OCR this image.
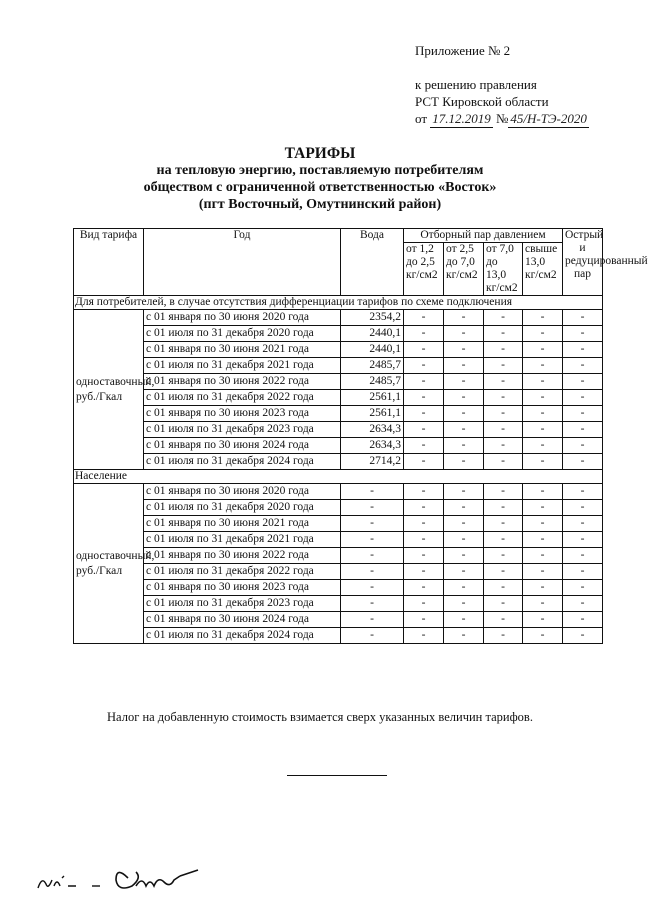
Приложение № 2
к решению правления
РСТ Кировской области
от 17.12.2019 № 45/Н-ТЭ-2020
ТАРИФЫ
на тепловую энергию, поставляемую потребителям
обществом с ограниченной ответственностью «Восток»
(пгт Восточный, Омутнинский район)
Вид тарифа	Год	Вода	Отборный пар давлением				Острый и редуцированный пар
			от 1,2 до 2,5 кг/см2	от 2,5 до 7,0 кг/см2	от 7,0 до 13,0 кг/см2	свыше 13,0 кг/см2	
Для потребителей, в случае отсутствия дифференциации тарифов по схеме подключения							
одноставочный, руб./Гкал	с 01 января по 30 июня 2020 года	2354,2	-	-	-	-	-
	с 01 июля по 31 декабря 2020 года	2440,1	-	-	-	-	-
	с 01 января по 30 июня 2021 года	2440,1	-	-	-	-	-
	с 01 июля по 31 декабря 2021 года	2485,7	-	-	-	-	-
	с 01 января по 30 июня 2022 года	2485,7	-	-	-	-	-
	с 01 июля по 31 декабря 2022 года	2561,1	-	-	-	-	-
	с 01 января по 30 июня 2023 года	2561,1	-	-	-	-	-
	с 01 июля по 31 декабря 2023 года	2634,3	-	-	-	-	-
	с 01 января по 30 июня 2024 года	2634,3	-	-	-	-	-
	с 01 июля по 31 декабря 2024 года	2714,2	-	-	-	-	-
Население							
одноставочный, руб./Гкал	с 01 января по 30 июня 2020 года	-	-	-	-	-	-
	с 01 июля по 31 декабря 2020 года	-	-	-	-	-	-
	с 01 января по 30 июня 2021 года	-	-	-	-	-	-
	с 01 июля по 31 декабря 2021 года	-	-	-	-	-	-
	с 01 января по 30 июня 2022 года	-	-	-	-	-	-
	с 01 июля по 31 декабря 2022 года	-	-	-	-	-	-
	с 01 января по 30 июня 2023 года	-	-	-	-	-	-
	с 01 июля по 31 декабря 2023 года	-	-	-	-	-	-
	с 01 января по 30 июня 2024 года	-	-	-	-	-	-
	с 01 июля по 31 декабря 2024 года	-	-	-	-	-	-
Налог на добавленную стоимость взимается сверх указанных величин тарифов.
